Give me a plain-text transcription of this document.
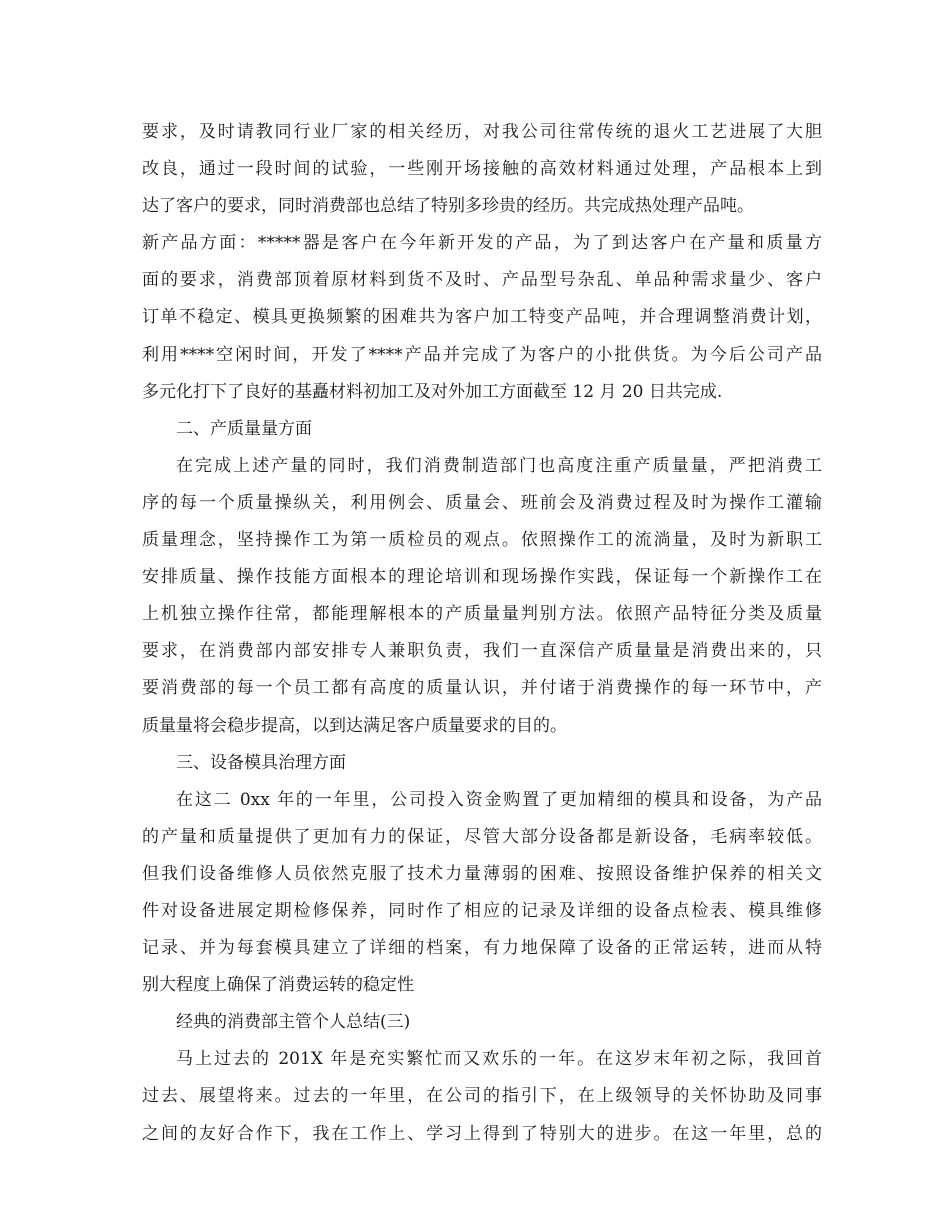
要求，及时请教同行业厂家的相关经历，对我公司往常传统的退火工艺进展了大胆
改良，通过一段时间的试验，一些刚开场接触的高效材料通过处理，产品根本上到
达了客户的要求，同时消费部也总结了特别多珍贵的经历。共完成热处理产品吨。
新产品方面：*****器是客户在今年新开发的产品，为了到达客户在产量和质量方
面的要求，消费部顶着原材料到货不及时、产品型号杂乱、单品种需求量少、客户
订单不稳定、模具更换频繁的困难共为客户加工特变产品吨，并合理调整消费计划，
利用****空闲时间，开发了****产品并完成了为客户的小批供货。为今后公司产品
多元化打下了良好的基矗材料初加工及对外加工方面截至 12 月 20 日共完成.
二、产质量量方面
在完成上述产量的同时，我们消费制造部门也高度注重产质量量，严把消费工
序的每一个质量操纵关，利用例会、质量会、班前会及消费过程及时为操作工灌输
质量理念，坚持操作工为第一质检员的观点。依照操作工的流淌量，及时为新职工
安排质量、操作技能方面根本的理论培训和现场操作实践，保证每一个新操作工在
上机独立操作往常，都能理解根本的产质量量判别方法。依照产品特征分类及质量
要求，在消费部内部安排专人兼职负责，我们一直深信产质量量是消费出来的，只
要消费部的每一个员工都有高度的质量认识，并付诸于消费操作的每一环节中，产
质量量将会稳步提高，以到达满足客户质量要求的目的。
三、设备模具治理方面
在这二 0xx 年的一年里，公司投入资金购置了更加精细的模具和设备，为产品
的产量和质量提供了更加有力的保证，尽管大部分设备都是新设备，毛病率较低。
但我们设备维修人员依然克服了技术力量薄弱的困难、按照设备维护保养的相关文
件对设备进展定期检修保养，同时作了相应的记录及详细的设备点检表、模具维修
记录、并为每套模具建立了详细的档案，有力地保障了设备的正常运转，进而从特
别大程度上确保了消费运转的稳定性
经典的消费部主管个人总结(三)
马上过去的 201X 年是充实繁忙而又欢乐的一年。在这岁末年初之际，我回首
过去、展望将来。过去的一年里，在公司的指引下，在上级领导的关怀协助及同事
之间的友好合作下，我在工作上、学习上得到了特别大的进步。在这一年里，总的
